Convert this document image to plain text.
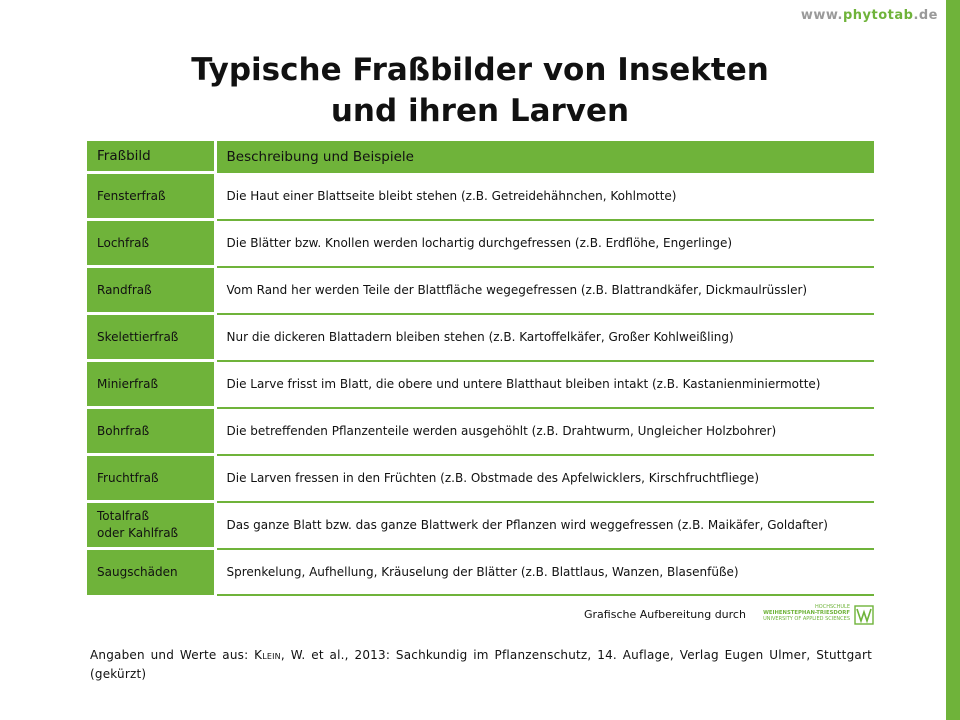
www.phytotab.de
Typische Fraßbilder von Insekten
und ihren Larven
Fraßbild	Beschreibung und Beispiele
Fensterfraß	Die Haut einer Blattseite bleibt stehen (z.B. Getreidehähnchen, Kohlmotte)
Lochfraß	Die Blätter bzw. Knollen werden lochartig durchgefressen (z.B. Erdflöhe, Engerlinge)
Randfraß	Vom Rand her werden Teile der Blattfläche wegegefressen (z.B. Blattrandkäfer, Dickmaulrüssler)
Skelettierfraß	Nur die dickeren Blattadern bleiben stehen (z.B. Kartoffelkäfer, Großer Kohlweißling)
Minierfraß	Die Larve frisst im Blatt, die obere und untere Blatthaut bleiben intakt (z.B. Kastanienminiermotte)
Bohrfraß	Die betreffenden Pflanzenteile werden ausgehöhlt (z.B. Drahtwurm, Ungleicher Holzbohrer)
Fruchtfraß	Die Larven fressen in den Früchten (z.B. Obstmade des Apfelwicklers, Kirschfruchtfliege)
Totalfraß
oder Kahlfraß	Das ganze Blatt bzw. das ganze Blattwerk der Pflanzen wird weggefressen (z.B. Maikäfer, Goldafter)
Saugschäden	Sprenkelung, Aufhellung, Kräuselung der Blätter (z.B. Blattlaus, Wanzen, Blasenfüße)
Grafische Aufbereitung durch
HOCHSCHULE
WEIHENSTEPHAN-TRIESDORF
UNIVERSITY OF APPLIED SCIENCES
Angaben und Werte aus: Klein, W. et al., 2013: Sachkundig im Pflanzenschutz, 14. Auflage, Verlag Eugen Ulmer, Stuttgart (gekürzt)
